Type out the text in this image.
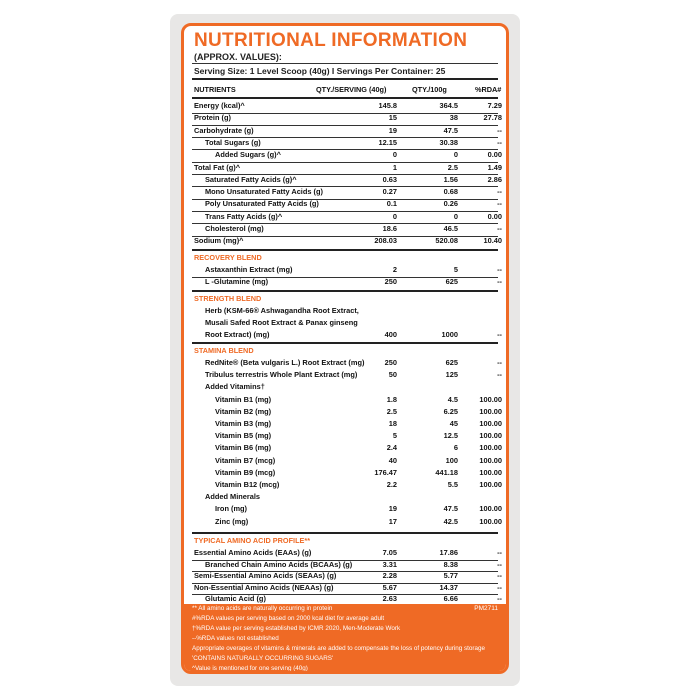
NUTRITIONAL INFORMATION
(APPROX. VALUES):
Serving Size: 1 Level Scoop (40g) I Servings Per Container: 25
NUTRIENTS	QTY./SERVING (40g)	QTY./100g	%RDA#
Energy (kcal)^	145.8	364.5	7.29
Protein (g)	15	38	27.78
Carbohydrate (g)	19	47.5	--
Total Sugars (g)	12.15	30.38	--
Added Sugars (g)^	0	0	0.00
Total Fat (g)^	1	2.5	1.49
Saturated Fatty Acids (g)^	0.63	1.56	2.86
Mono Unsaturated Fatty Acids (g)	0.27	0.68	--
Poly Unsaturated Fatty Acids (g)	0.1	0.26	--
Trans Fatty Acids (g)^	0	0	0.00
Cholesterol (mg)	18.6	46.5	--
Sodium (mg)^	208.03	520.08	10.40
RECOVERY BLEND
Astaxanthin Extract (mg)	2	5	--
L -Glutamine (mg)	250	625	--
STRENGTH BLEND
Herb (KSM-66® Ashwagandha Root Extract,
Musali Safed Root Extract & Panax ginseng
Root Extract) (mg)	400	1000	--
STAMINA BLEND
RedNite® (Beta vulgaris L.) Root Extract (mg)	250	625	--
Tribulus terrestris Whole Plant Extract (mg)	50	125	--
Added Vitamins†
Vitamin B1 (mg)	1.8	4.5	100.00
Vitamin B2 (mg)	2.5	6.25	100.00
Vitamin B3 (mg)	18	45	100.00
Vitamin B5 (mg)	5	12.5	100.00
Vitamin B6 (mg)	2.4	6	100.00
Vitamin B7 (mcg)	40	100	100.00
Vitamin B9 (mcg)	176.47	441.18	100.00
Vitamin B12 (mcg)	2.2	5.5	100.00
Added Minerals
Iron (mg)	19	47.5	100.00
Zinc (mg)	17	42.5	100.00
TYPICAL AMINO ACID PROFILE**
Essential Amino Acids (EAAs) (g)	7.05	17.86	--
Branched Chain Amino Acids (BCAAs) (g)	3.31	8.38	--
Semi-Essential Amino Acids (SEAAs) (g)	2.28	5.77	--
Non-Essential Amino Acids (NEAAs) (g)	5.67	14.37	--
Glutamic Acid (g)	2.63	6.66	--
PM2711
** All amino acids are naturally occurring in protein
#%RDA values per serving based on 2000 kcal diet for average adult
†%RDA value per serving established by ICMR 2020, Men-Moderate Work
--%RDA values not established
Appropriate overages of vitamins & minerals are added to compensate the loss of potency during storage
'CONTAINS NATURALLY OCCURRING SUGARS'
^Value is mentioned for one serving (40g)
